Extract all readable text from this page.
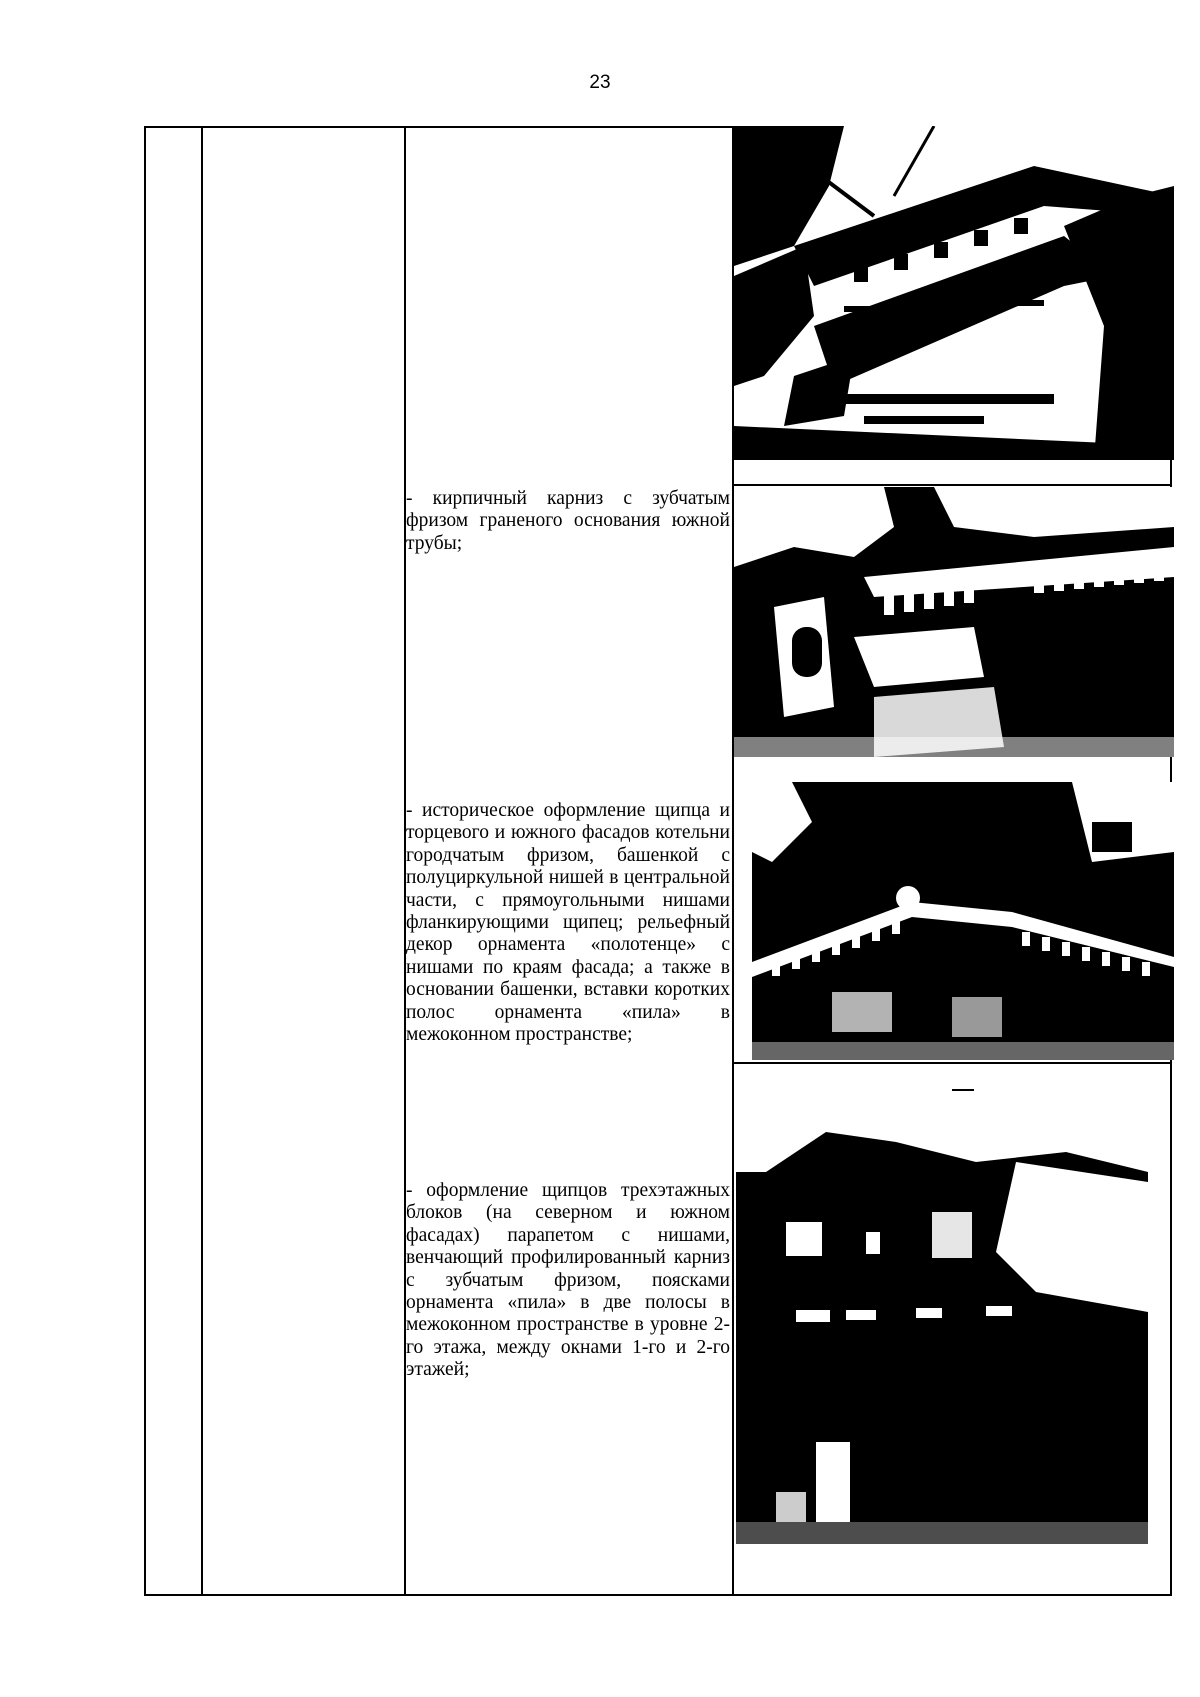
23
- кирпичный карниз с зубчатым фризом граненого основания южной трубы;
- историческое оформление щипца и торцевого и южного фасадов котельни городчатым фризом, башенкой с полуциркульной нишей в центральной части, с прямоугольными нишами фланкирующими щипец; рельефный декор орнамента «полотенце» с нишами по краям фасада; а также в основании башенки, вставки коротких полос орнамента «пила» в межоконном пространстве;
- оформление щипцов трехэтажных блоков (на северном и южном фасадах) парапетом с нишами, венчающий профилированный карниз с зубчатым фризом, поясками орнамента «пила» в две полосы в межоконном пространстве в уровне 2-го этажа, между окнами 1-го и 2-го этажей;
